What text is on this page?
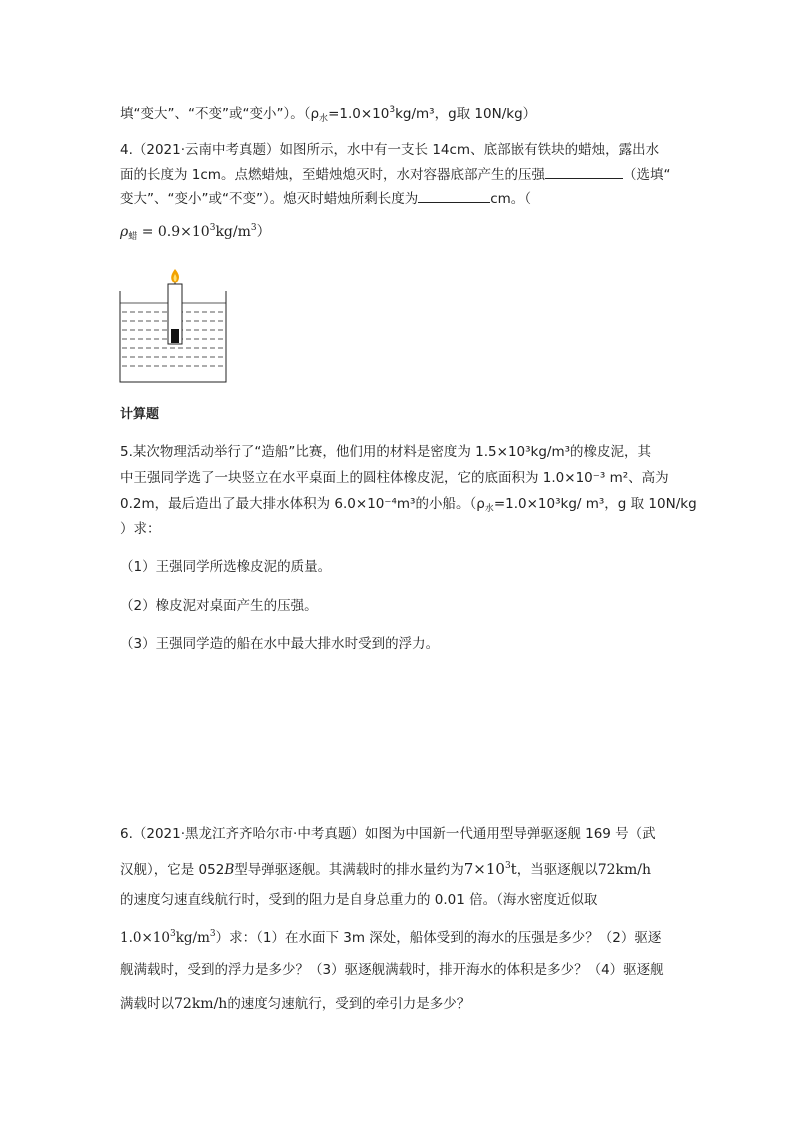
填“变大”、“不变”或“变小”）。（$\rho_水=1.0\times 10^3kg/m^3$，g取 10N/kg）
4.（2021·云南中考真题）如图所示，水中有一支长 14cm、底部嵌有铁块的蜡烛，露出水
面的长度为 1cm。点燃蜡烛，至蜡烛熄灭时，水对容器底部产生的压强	（选填“
变大”、“变小”或“不变”）。熄灭时蜡烛所剩长度为	cm。（
$\rho_蜡 = 0.9\times 10^3kg/m^3$）
计算题
5.某次物理活动举行了“造船”比赛，他们用的材料是密度为 1.5×10³kg/m³的橡皮泥，其
中王强同学选了一块竖立在水平桌面上的圆柱体橡皮泥，它的底面积为 1.0×10⁻³ m²、高为
0.2m，最后造出了最大排水体积为 6.0×10⁻⁴m³的小船。（$\rho_水=1.0\times 10^3kg/$ m³，g 取 10N/kg
）求：
（1）王强同学所选橡皮泥的质量。
（2）橡皮泥对桌面产生的压强。
（3）王强同学造的船在水中最大排水时受到的浮力。
6.（2021·黑龙江齐齐哈尔市·中考真题）如图为中国新一代通用型导弹驱逐舰 169 号（武
汉舰），它是 052B型导弹驱逐舰。其满载时的排水量约为$7\times 10^3t$，当驱逐舰以72km/h
的速度匀速直线航行时，受到的阻力是自身总重力的 0.01 倍。（海水密度近似取
$1.0\times 10^3kg/m^3$）求：（1）在水面下 3m 深处，船体受到的海水的压强是多少？（2）驱逐
舰满载时，受到的浮力是多少？（3）驱逐舰满载时，排开海水的体积是多少？（4）驱逐舰
满载时以72km/h的速度匀速航行，受到的牵引力是多少？
